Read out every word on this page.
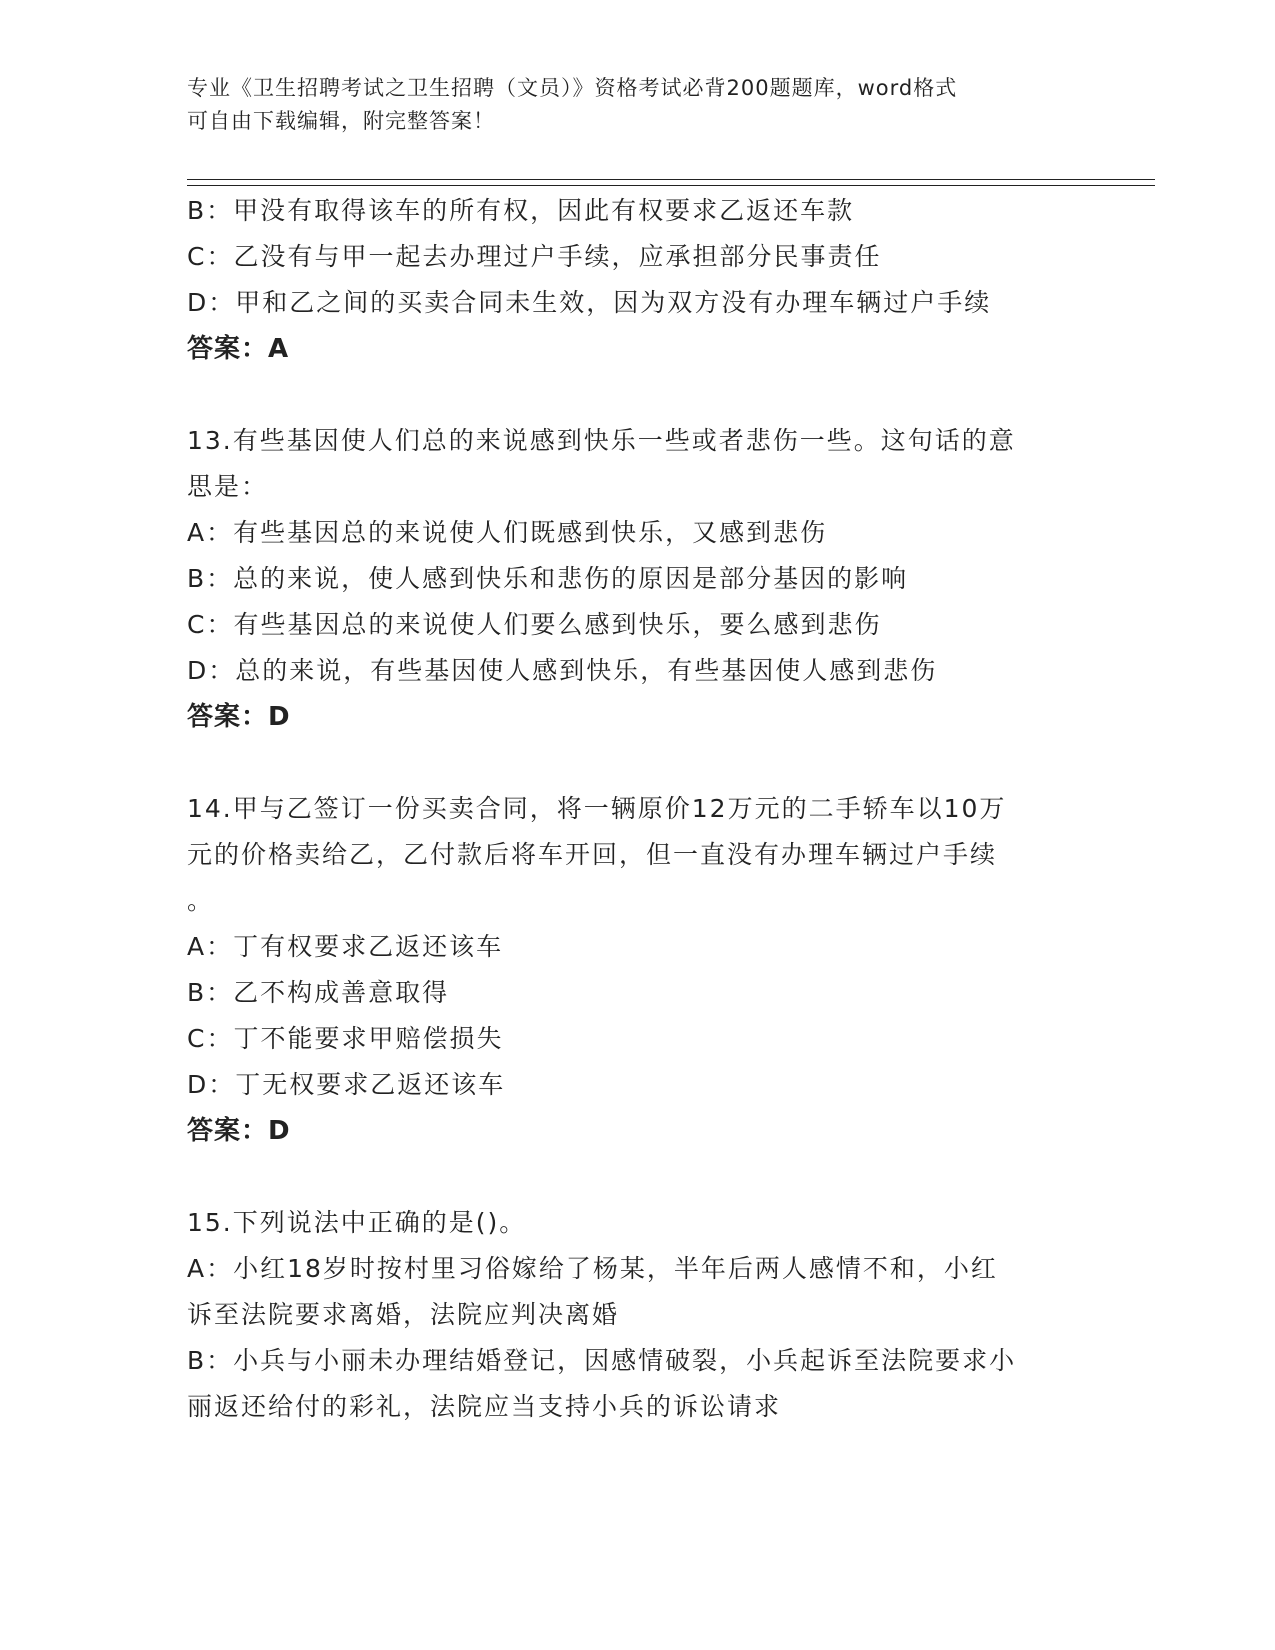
专业《卫生招聘考试之卫生招聘（文员）》资格考试必背200题题库，word格式
可自由下载编辑，附完整答案！
B：甲没有取得该车的所有权，因此有权要求乙返还车款
C：乙没有与甲一起去办理过户手续，应承担部分民事责任
D：甲和乙之间的买卖合同未生效，因为双方没有办理车辆过户手续
答案：A
13.有些基因使人们总的来说感到快乐一些或者悲伤一些。这句话的意
思是：
A：有些基因总的来说使人们既感到快乐，又感到悲伤
B：总的来说，使人感到快乐和悲伤的原因是部分基因的影响
C：有些基因总的来说使人们要么感到快乐，要么感到悲伤
D：总的来说，有些基因使人感到快乐，有些基因使人感到悲伤
答案：D
14.甲与乙签订一份买卖合同，将一辆原价12万元的二手轿车以10万
元的价格卖给乙，乙付款后将车开回，但一直没有办理车辆过户手续
。
A：丁有权要求乙返还该车
B：乙不构成善意取得
C：丁不能要求甲赔偿损失
D：丁无权要求乙返还该车
答案：D
15.下列说法中正确的是()。
A：小红18岁时按村里习俗嫁给了杨某，半年后两人感情不和，小红
诉至法院要求离婚，法院应判决离婚
B：小兵与小丽未办理结婚登记，因感情破裂，小兵起诉至法院要求小
丽返还给付的彩礼，法院应当支持小兵的诉讼请求
